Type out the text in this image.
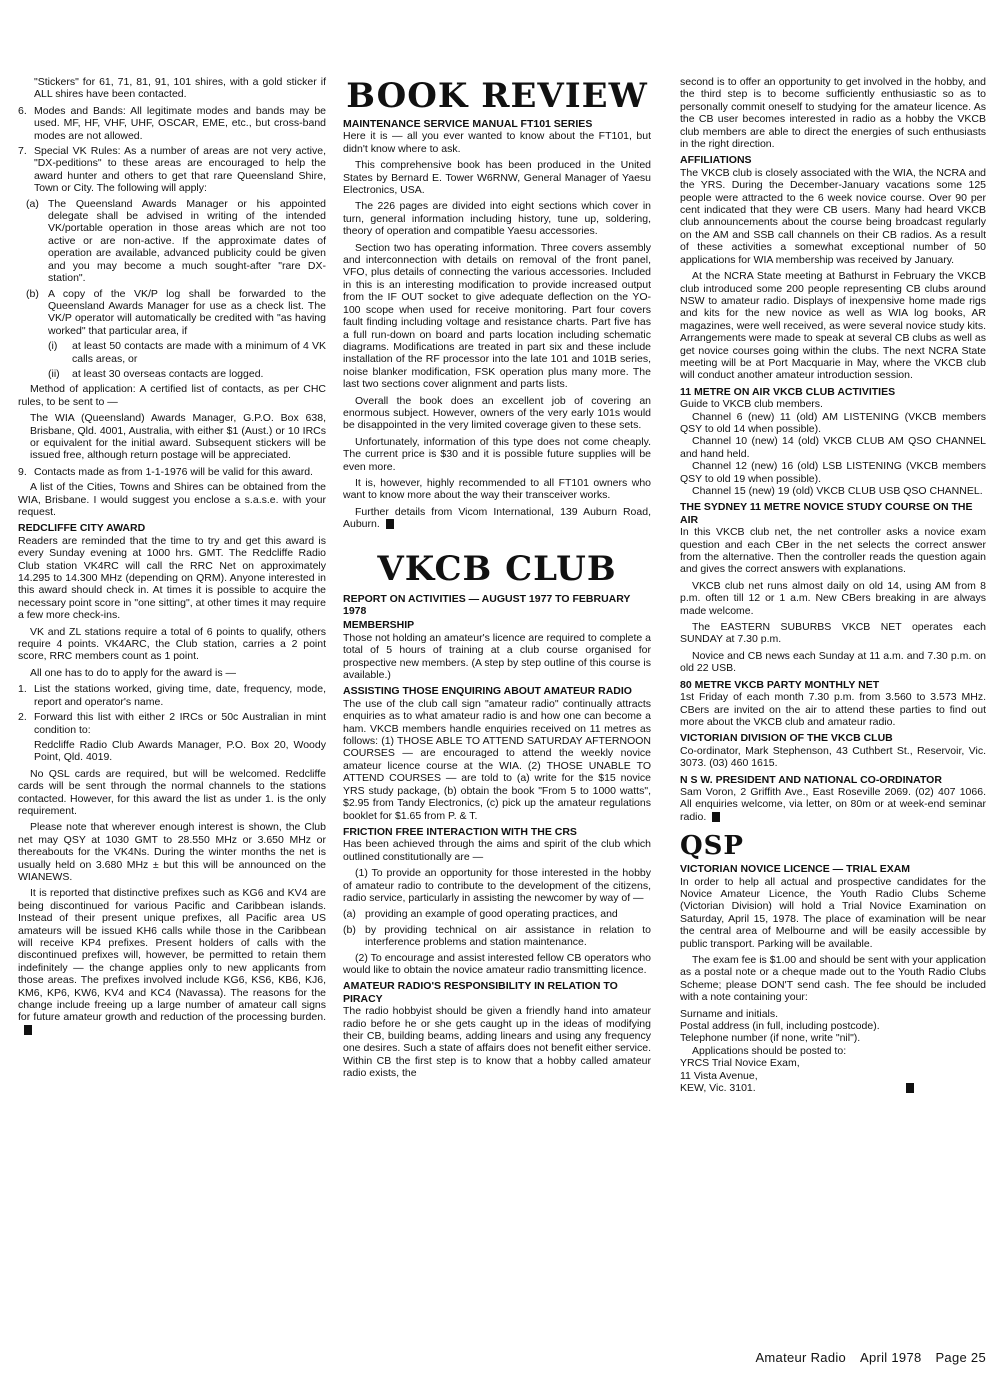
"Stickers" for 61, 71, 81, 91, 101 shires, with a gold sticker if ALL shires have been contacted.

6. Modes and Bands: All legitimate modes and bands may be used. MF, HF, VHF, UHF, OSCAR, EME, etc., but cross-band modes are not allowed.
7. Special VK Rules: As a number of areas are not very active, "DX-peditions" to these areas are encouraged to help the award hunter and others to get that rare Queensland Shire, Town or City. The following will apply:
(a) The Queensland Awards Manager or his appointed delegate shall be advised in writing of the intended VK/portable operation in those areas which are not too active or are non-active. If the approximate dates of operation are available, advanced publicity could be given and you may become a much sought-after "rare DX-station".
(b) A copy of the VK/P log shall be forwarded to the Queensland Awards Manager for use as a check list. The VK/P operator will automatically be credited with "as having worked" that particular area, if
(i)	at least 50 contacts are made with a minimum of 4 VK calls areas, or
(ii)	at least 30 overseas contacts are logged.

Method of application: A certified list of contacts, as per CHC rules, to be sent to —

The WIA (Queensland) Awards Manager, G.P.O. Box 638, Brisbane, Qld. 4001, Australia, with either $1 (Aust.) or 10 IRCs or equivalent for the initial award. Subsequent stickers will be issued free, although return postage will be appreciated.

9. Contacts made as from 1-1-1976 will be valid for this award.

A list of the Cities, Towns and Shires can be obtained from the WIA, Brisbane. I would suggest you enclose a s.a.s.e. with your request.

REDCLIFFE CITY AWARD

Readers are reminded that the time to try and get this award is every Sunday evening at 1000 hrs. GMT. The Redcliffe Radio Club station VK4RC will call the RRC Net on approximately 14.295 to 14.300 MHz (depending on QRM). Anyone interested in this award should check in. At times it is possible to acquire the necessary point score in "one sitting", at other times it may require a few more check-ins.

VK and ZL stations require a total of 6 points to qualify, others require 4 points. VK4ARC, the Club station, carries a 2 point score, RRC members count as 1 point.

All one has to do to apply for the award is —

1. List the stations worked, giving time, date, frequency, mode, report and operator's name.
2. Forward this list with either 2 IRCs or 50c Australian in mint condition to:

Redcliffe Radio Club Awards Manager, P.O. Box 20, Woody Point, Qld. 4019.

No QSL cards are required, but will be welcomed. Redcliffe cards will be sent through the normal channels to the stations contacted. However, for this award the list as under 1. is the only requirement.

Please note that wherever enough interest is shown, the Club net may QSY at 1030 GMT to 28.550 MHz or 3.650 MHz or thereabouts for the VK4Ns. During the winter months the net is usually held on 3.680 MHz ± but this will be announced on the WIANEWS.

It is reported that distinctive prefixes such as KG6 and KV4 are being discontinued for various Pacific and Caribbean islands. Instead of their present unique prefixes, all Pacific area US amateurs will be issued KH6 calls while those in the Caribbean will receive KP4 prefixes. Present holders of calls with the discontinued prefixes will, however, be permitted to retain them indefinitely — the change applies only to new applicants from those areas. The prefixes involved include KG6, KS6, KB6, KJ6, KM6, KP6, KW6, KV4 and KC4 (Navassa). The reasons for the change include freeing up a large number of amateur call signs for future amateur growth and reduction of the processing burden.

BOOK REVIEW
MAINTENANCE SERVICE MANUAL FT101 SERIES

Here it is — all you ever wanted to know about the FT101, but didn't know where to ask.

This comprehensive book has been produced in the United States by Bernard E. Tower W6RNW, General Manager of Yaesu Electronics, USA.

The 226 pages are divided into eight sections which cover in turn, general information including history, tune up, soldering, theory of operation and compatible Yaesu accessories.

Section two has operating information. Three covers assembly and interconnection with details on removal of the front panel, VFO, plus details of connecting the various accessories. Included in this is an interesting modification to provide increased output from the IF OUT socket to give adequate deflection on the YO-100 scope when used for receive monitoring. Part four covers fault finding including voltage and resistance charts. Part five has a full run-down on board and parts location including schematic diagrams. Modifications are treated in part six and these include installation of the RF processor into the late 101 and 101B series, noise blanker modification, FSK operation plus many more. The last two sections cover alignment and parts lists.

Overall the book does an excellent job of covering an enormous subject. However, owners of the very early 101s would be disappointed in the very limited coverage given to these sets.

Unfortunately, information of this type does not come cheaply. The current price is $30 and it is possible future supplies will be even more.

It is, however, highly recommended to all FT101 owners who want to know more about the way their transceiver works.

Further details from Vicom International, 139 Auburn Road, Auburn.

VKCB CLUB
REPORT ON ACTIVITIES — AUGUST 1977 TO FEBRUARY 1978
MEMBERSHIP

Those not holding an amateur's licence are required to complete a total of 5 hours of training at a club course organised for prospective new members. (A step by step outline of this course is available.)

ASSISTING THOSE ENQUIRING ABOUT AMATEUR RADIO

The use of the club call sign "amateur radio" continually attracts enquiries as to what amateur radio is and how one can become a ham. VKCB members handle enquiries received on 11 metres as follows: (1) THOSE ABLE TO ATTEND SATURDAY AFTERNOON COURSES — are encouraged to attend the weekly novice amateur licence course at the WIA. (2) THOSE UNABLE TO ATTEND COURSES — are told to (a) write for the $15 novice YRS study package, (b) obtain the book "From 5 to 1000 watts", $2.95 from Tandy Electronics, (c) pick up the amateur regulations booklet for $1.65 from P. & T.

FRICTION FREE INTERACTION WITH THE CRS

Has been achieved through the aims and spirit of the club which outlined constitutionally are —

(1) To provide an opportunity for those interested in the hobby of amateur radio to contribute to the development of the citizens, radio service, particularly in assisting the newcomer by way of —

(a) providing an example of good operating practices, and
(b) by providing technical on air assistance in relation to interference problems and station maintenance.

(2) To encourage and assist interested fellow CB operators who would like to obtain the novice amateur radio transmitting licence.

AMATEUR RADIO'S RESPONSIBILITY IN RELATION TO PIRACY

The radio hobbyist should be given a friendly hand into amateur radio before he or she gets caught up in the ideas of modifying their CB, building beams, adding linears and using any frequency one desires. Such a state of affairs does not benefit either service. Within CB the first step is to know that a hobby called amateur radio exists, the

second is to offer an opportunity to get involved in the hobby, and the third step is to become sufficiently enthusiastic so as to personally commit oneself to studying for the amateur licence. As the CB user becomes interested in radio as a hobby the VKCB club members are able to direct the energies of such enthusiasts in the right direction.

AFFILIATIONS

The VKCB club is closely associated with the WIA, the NCRA and the YRS. During the December-January vacations some 125 people were attracted to the 6 week novice course. Over 90 per cent indicated that they were CB users. Many had heard VKCB club announcements about the course being broadcast regularly on the AM and SSB call channels on their CB radios. As a result of these activities a somewhat exceptional number of 50 applications for WIA membership was received by January.

At the NCRA State meeting at Bathurst in February the VKCB club introduced some 200 people representing CB clubs around NSW to amateur radio. Displays of inexpensive home made rigs and kits for the new novice as well as WIA log books, AR magazines, were well received, as were several novice study kits. Arrangements were made to speak at several CB clubs as well as get novice courses going within the clubs. The next NCRA State meeting will be at Port Macquarie in May, where the VKCB club will conduct another amateur introduction session.

11 METRE ON AIR VKCB CLUB ACTIVITIES

Guide to VKCB club members.

Channel 6 (new) 11 (old) AM LISTENING (VKCB members QSY to old 14 when possible).

Channel 10 (new) 14 (old) VKCB CLUB AM QSO CHANNEL and hand held.

Channel 12 (new) 16 (old) LSB LISTENING (VKCB members QSY to old 19 when possible).

Channel 15 (new) 19 (old) VKCB CLUB USB QSO CHANNEL.

THE SYDNEY 11 METRE NOVICE STUDY COURSE ON THE AIR

In this VKCB club net, the net controller asks a novice exam question and each CBer in the net selects the correct answer from the alternative. Then the controller reads the question again and gives the correct answers with explanations.

VKCB club net runs almost daily on old 14, using AM from 8 p.m. often till 12 or 1 a.m. New CBers breaking in are always made welcome.

The EASTERN SUBURBS VKCB NET operates each SUNDAY at 7.30 p.m.

Novice and CB news each Sunday at 11 a.m. and 7.30 p.m. on old 22 USB.

80 METRE VKCB PARTY MONTHLY NET

1st Friday of each month 7.30 p.m. from 3.560 to 3.573 MHz. CBers are invited on the air to attend these parties to find out more about the VKCB club and amateur radio.

VICTORIAN DIVISION OF THE VKCB CLUB

Co-ordinator, Mark Stephenson, 43 Cuthbert St., Reservoir, Vic. 3073. (03) 460 1615.

N S W. PRESIDENT AND NATIONAL CO-ORDINATOR

Sam Voron, 2 Griffith Ave., East Roseville 2069. (02) 407 1066. All enquiries welcome, via letter, on 80m or at week-end seminar radio.

QSP
VICTORIAN NOVICE LICENCE — TRIAL EXAM

In order to help all actual and prospective candidates for the Novice Amateur Licence, the Youth Radio Clubs Scheme (Victorian Division) will hold a Trial Novice Examination on Saturday, April 15, 1978. The place of examination will be near the central area of Melbourne and will be easily accessible by public transport. Parking will be available.

The exam fee is $1.00 and should be sent with your application as a postal note or a cheque made out to the Youth Radio Clubs Scheme; please DON'T send cash. The fee should be included with a note containing your:

Surname and initials.
Postal address (in full, including postcode).
Telephone number (if none, write "nil").
Applications should be posted to:
YRCS Trial Novice Exam,
11 Vista Avenue,
KEW, Vic. 3101.
Amateur Radio April 1978 Page 25
